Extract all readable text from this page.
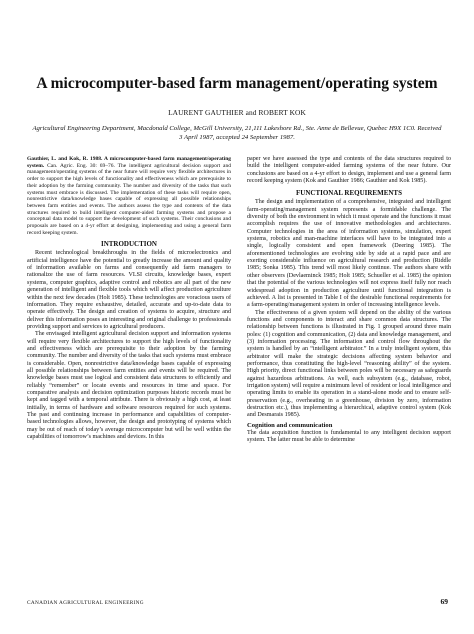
A microcomputer-based farm management/operating system
LAURENT GAUTHIER and ROBERT KOK
Agricultural Engineering Department, Macdonald College, McGill University, 21,111 Lakeshore Rd., Ste. Anne de Bellevue, Quebec H9X 1C0. Received 3 April 1987, accepted 24 September 1987.

Gauthier, L. and Kok, R. 1988. A microcomputer-based farm management/operating system. Can. Agric. Eng. 30: 69–76. The intelligent agricultural decision support and management/operating systems of the near future will require very flexible architectures in order to support the high levels of functionality and effectiveness which are prerequisite to their adoption by the farming community. The number and diversity of the tasks that such systems must embrace is discussed. The implementation of these tasks will require open, nonrestrictive data/knowledge bases capable of expressing all possible relationships between farm entities and events. The authors assess the type and contents of the data structures required to build intelligent computer-aided farming systems and propose a conceptual data model to support the development of such systems. Their conclusions and proposals are based on a 4-yr effort at designing, implementing and using a general farm record keeping system.

INTRODUCTION

Recent technological breakthroughs in the fields of microelectronics and artificial intelligence have the potential to greatly increase the amount and quality of information available on farms and consequently aid farm managers to rationalize the use of farm resources. VLSI circuits, knowledge bases, expert systems, computer graphics, adaptive control and robotics are all part of the new generation of intelligent and flexible tools which will affect production agriculture within the next few decades (Holt 1985). These technologies are voracious users of information. They require exhaustive, detailed, accurate and up-to-date data to operate effectively. The design and creation of systems to acquire, structure and deliver this information poses an interesting and original challenge to professionals providing support and services to agricultural producers.

The envisaged intelligent agricultural decision support and information systems will require very flexible architectures to support the high levels of functionality and effectiveness which are prerequisite to their adoption by the farming community. The number and diversity of the tasks that such systems must embrace is considerable. Open, nonrestrictive data/knowledge bases capable of expressing all possible relationships between farm entities and events will be required. The knowledge bases must use logical and consistent data structures to efficiently and reliably “remember” or locate events and resources in time and space. For comparative analysis and decision optimization purposes historic records must be kept and tagged with a temporal attribute. There is obviously a high cost, at least initially, in terms of hardware and software resources required for such systems. The past and continuing increase in performance and capabilities of computer-based technologies allows, however, the design and prototyping of systems which may be out of reach of today’s average microcomputer but will be well within the capabilities of tomorrow’s machines and devices. In this

paper we have assessed the type and contents of the data structures required to build the intelligent computer-aided farming systems of the near future. Our conclusions are based on a 4-yr effort to design, implement and use a general farm record keeping system (Kok and Gauthier 1986; Gauthier and Kok 1985).

FUNCTIONAL REQUIREMENTS

The design and implementation of a comprehensive, integrated and intelligent farm-operating/management system represents a formidable challenge. The diversity of both the environment in which it must operate and the functions it must accomplish requires the use of innovative methodologies and architectures. Computer technologies in the area of information systems, simulation, expert systems, robotics and man-machine interfaces will have to be integrated into a single, logically consistent and open framework (Deering 1985). The aforementioned technologies are evolving side by side at a rapid pace and are exerting considerable influence on agricultural research and production (Riddle 1985; Sonka 1985). This trend will most likely continue. The authors share with other observers (Devlaeminck 1985; Holt 1985; Schueller et al. 1985) the opinion that the potential of the various technologies will not express itself fully nor reach widespread adoption in production agriculture until functional integration is achieved. A list is presented in Table I of the desirable functional requirements for a farm-operating/management system in order of increasing intelligence levels.

The effectiveness of a given system will depend on the ability of the various functions and components to interact and share common data structures. The relationship between functions is illustrated in Fig. 1 grouped around three main poles: (1) cognition and communication, (2) data and knowledge management, and (3) information processing. The information and control flow throughout the system is handled by an “intelligent arbitrator.” In a truly intelligent system, this arbitrator will make the strategic decisions affecting system behavior and performance, thus constituting the high-level “reasoning ability” of the system. High priority, direct functional links between poles will be necessary as safeguards against hazardous arbitrations. As well, each subsystem (e.g., database, robot, irrigation system) will require a minimum level of resident or local intelligence and operating limits to enable its operation in a stand-alone mode and to ensure self-preservation (e.g., overheating in a greenhouse, division by zero, information destruction etc.), thus implementing a hierarchical, adaptive control system (Kok and Desmarais 1985).

Cognition and communication

The data acquisition function is fundamental to any intelligent decision support system. The latter must be able to determine

CANADIAN AGRICULTURAL ENGINEERING	69
